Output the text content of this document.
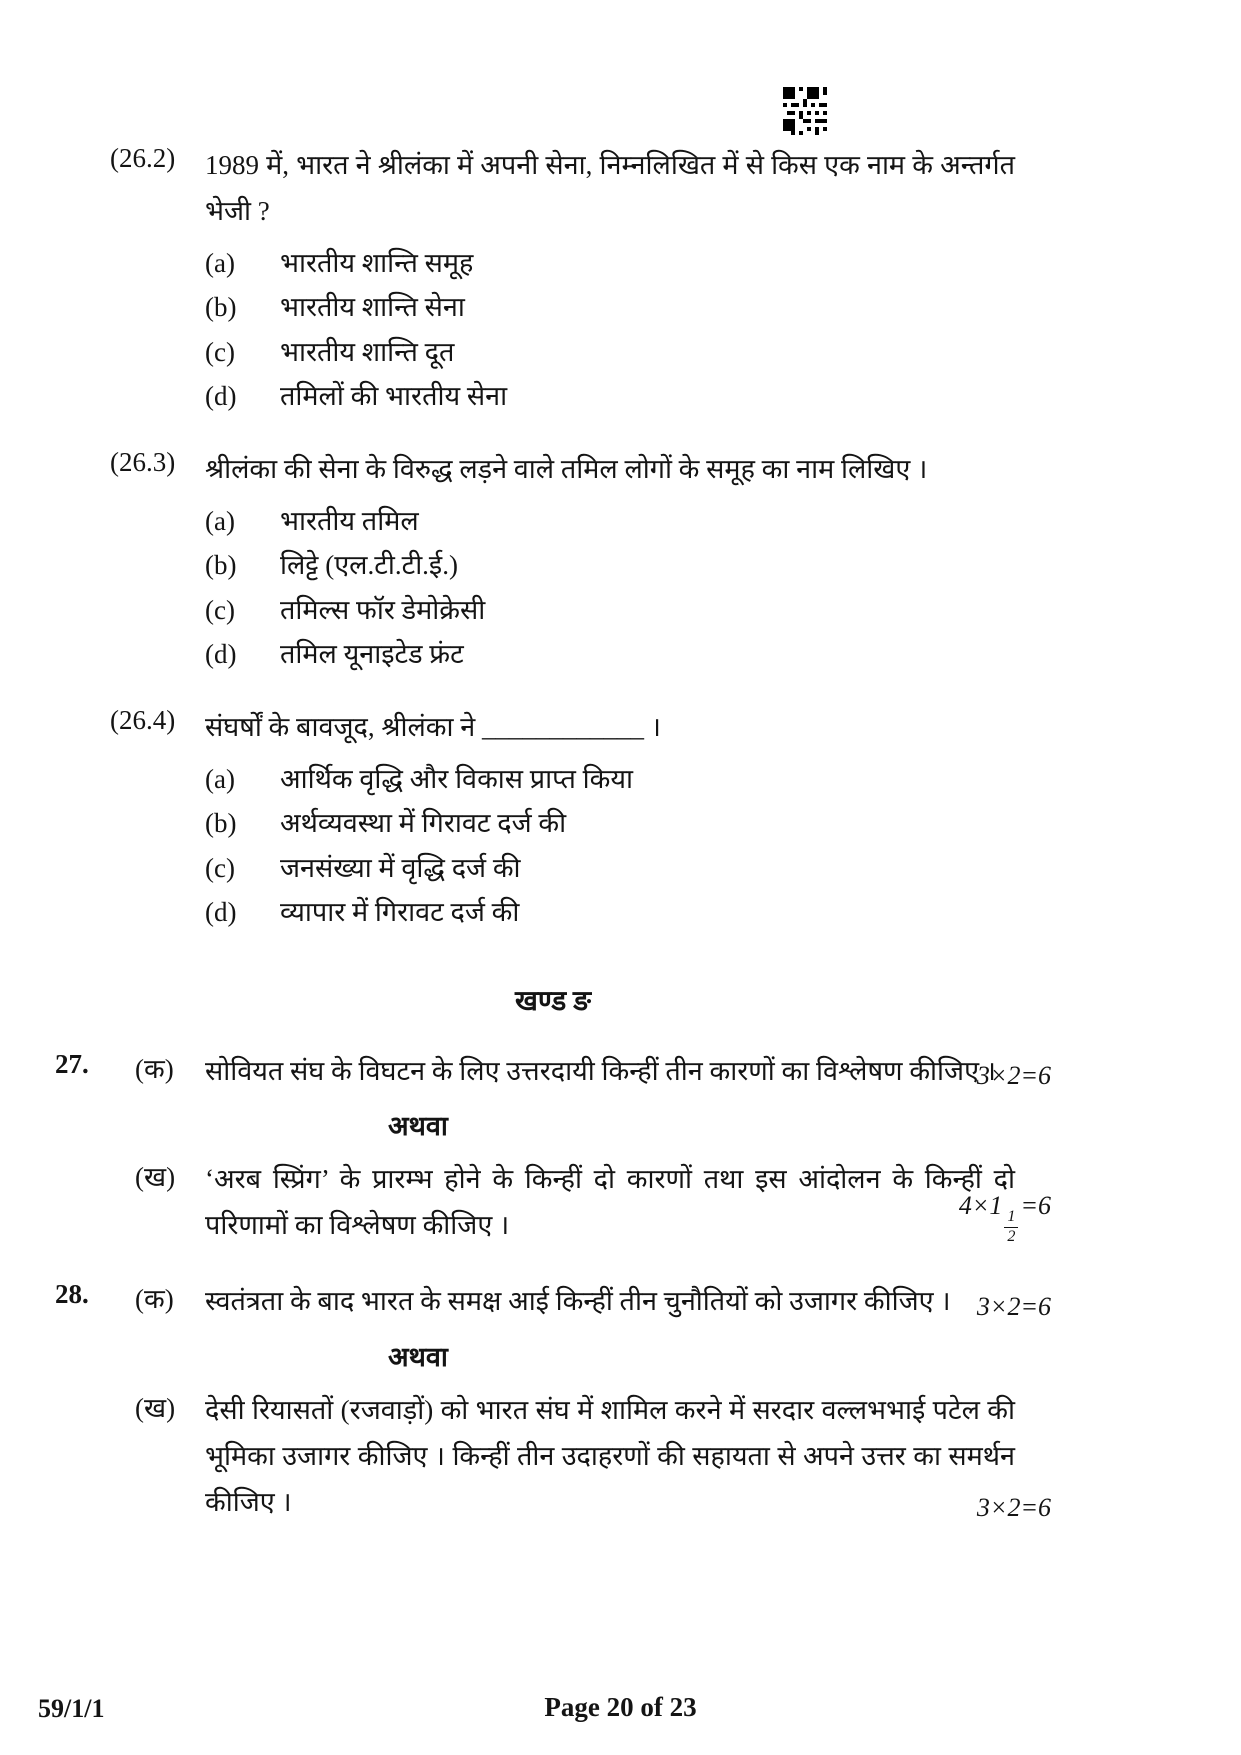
(26.2)	1989 में, भारत ने श्रीलंका में अपनी सेना, निम्नलिखित में से किस एक नाम के अन्तर्गत भेजी ?

(a)	भारतीय शान्ति समूह
(b)	भारतीय शान्ति सेना
(c)	भारतीय शान्ति दूत
(d)	तमिलों की भारतीय सेना
(26.3)	श्रीलंका की सेना के विरुद्ध लड़ने वाले तमिल लोगों के समूह का नाम लिखिए ।

(a)	भारतीय तमिल
(b)	लिट्टे (एल.टी.टी.ई.)
(c)	तमिल्स फॉर डेमोक्रेसी
(d)	तमिल यूनाइटेड फ्रंट
(26.4)	संघर्षों के बावजूद, श्रीलंका ने ____________ ।

(a)	आर्थिक वृद्धि और विकास प्राप्त किया
(b)	अर्थव्यवस्था में गिरावट दर्ज की
(c)	जनसंख्या में वृद्धि दर्ज की
(d)	व्यापार में गिरावट दर्ज की
खण्ड ङ
27.	(क)	सोवियत संघ के विघटन के लिए उत्तरदायी किन्हीं तीन कारणों का विश्लेषण कीजिए ।

3×2=6
अथवा
(ख)	‘अरब स्प्रिंग’ के प्रारम्भ होने के किन्हीं दो कारणों तथा इस आंदोलन के किन्हीं दो परिणामों का विश्लेषण कीजिए ।

4×1
$\frac{1}{2}$
=6
28.	(क)	स्वतंत्रता के बाद भारत के समक्ष आई किन्हीं तीन चुनौतियों को उजागर कीजिए ।	3×2=6
अथवा
(ख)	देसी रियासतों (रजवाड़ों) को भारत संघ में शामिल करने में सरदार वल्लभभाई पटेल की भूमिका उजागर कीजिए । किन्हीं तीन उदाहरणों की सहायता से अपने उत्तर का समर्थन कीजिए ।	3×2=6
59/1/1	Page 20 of 23
